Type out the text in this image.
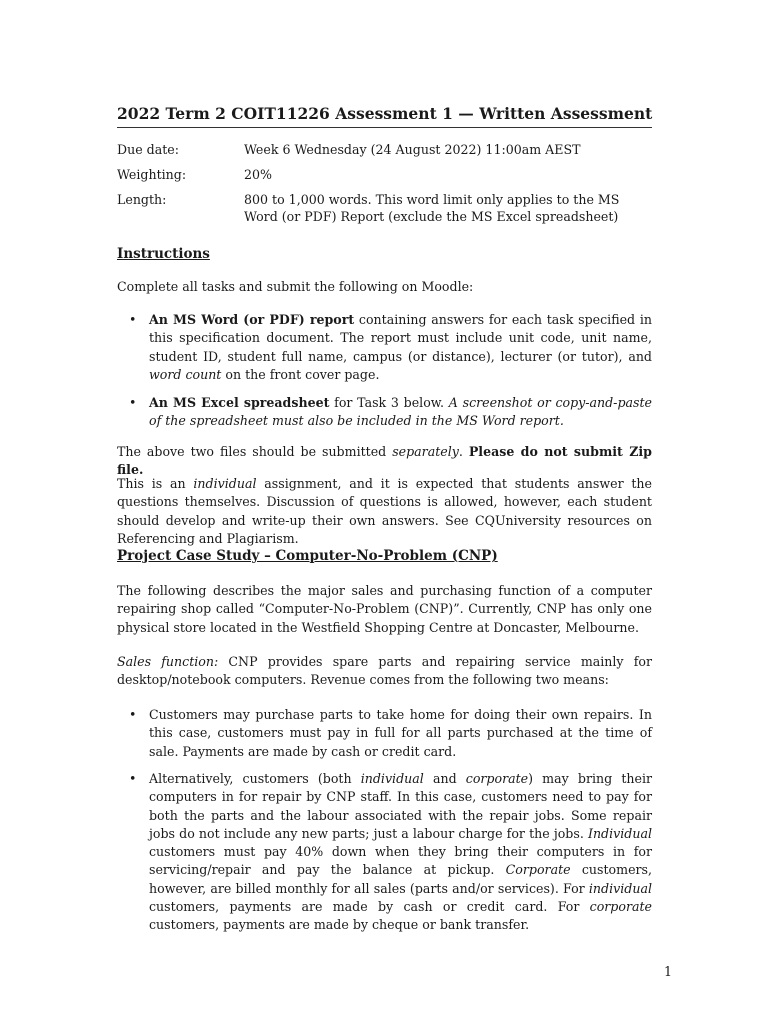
2022 Term 2 COIT11226 Assessment 1 — Written Assessment
Due date:	Week 6 Wednesday (24 August 2022) 11:00am AEST
Weighting:	20%
Length:	800 to 1,000 words. This word limit only applies to the MS Word (or PDF) Report (exclude the MS Excel spreadsheet)
Instructions
Complete all tasks and submit the following on Moodle:
• An MS Word (or PDF) report containing answers for each task specified in this specification document. The report must include unit code, unit name, student ID, student full name, campus (or distance), lecturer (or tutor), and word count on the front cover page.
• An MS Excel spreadsheet for Task 3 below. A screenshot or copy-and-paste of the spreadsheet must also be included in the MS Word report.
The above two files should be submitted separately. Please do not submit Zip file.
This is an individual assignment, and it is expected that students answer the questions themselves. Discussion of questions is allowed, however, each student should develop and write-up their own answers. See CQUniversity resources on Referencing and Plagiarism.
Project Case Study – Computer-No-Problem (CNP)
The following describes the major sales and purchasing function of a computer repairing shop called “Computer-No-Problem (CNP)”. Currently, CNP has only one physical store located in the Westfield Shopping Centre at Doncaster, Melbourne.
Sales function: CNP provides spare parts and repairing service mainly for desktop/notebook computers. Revenue comes from the following two means:
• Customers may purchase parts to take home for doing their own repairs. In this case, customers must pay in full for all parts purchased at the time of sale. Payments are made by cash or credit card.
• Alternatively, customers (both individual and corporate) may bring their computers in for repair by CNP staff. In this case, customers need to pay for both the parts and the labour associated with the repair jobs. Some repair jobs do not include any new parts; just a labour charge for the jobs. Individual customers must pay 40% down when they bring their computers in for servicing/repair and pay the balance at pickup. Corporate customers, however, are billed monthly for all sales (parts and/or services). For individual customers, payments are made by cash or credit card. For corporate customers, payments are made by cheque or bank transfer.
1
